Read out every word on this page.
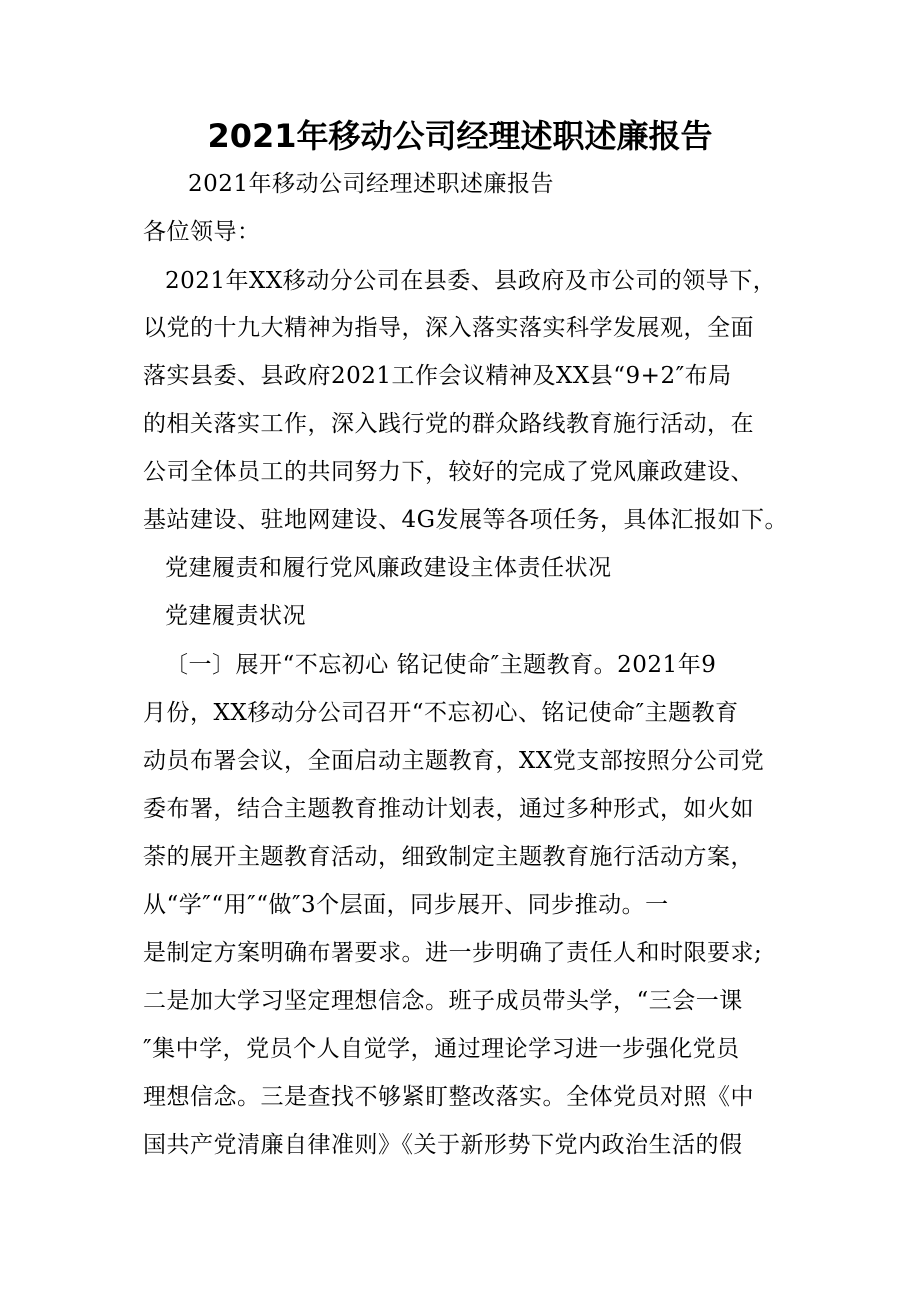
2021年移动公司经理述职述廉报告
2021年移动公司经理述职述廉报告
各位领导：
2021年XX移动分公司在县委、县政府及市公司的领导下，
以党的十九大精神为指导，深入落实落实科学发展观，全面
落实县委、县政府2021工作会议精神及XX县“9+2″布局
的相关落实工作，深入践行党的群众路线教育施行活动，在
公司全体员工的共同努力下，较好的完成了党风廉政建设、
基站建设、驻地网建设、4G发展等各项任务，具体汇报如下。
党建履责和履行党风廉政建设主体责任状况
党建履责状况
〔一〕展开“不忘初心 铭记使命″主题教育。2021年9
月份，XX移动分公司召开“不忘初心、铭记使命″主题教育
动员布署会议，全面启动主题教育，XX党支部按照分公司党
委布署，结合主题教育推动计划表，通过多种形式，如火如
荼的展开主题教育活动，细致制定主题教育施行活动方案，
从“学″“用″“做″3个层面，同步展开、同步推动。一
是制定方案明确布署要求。进一步明确了责任人和时限要求;
二是加大学习坚定理想信念。班子成员带头学，“三会一课
″集中学，党员个人自觉学，通过理论学习进一步强化党员
理想信念。三是查找不够紧盯整改落实。全体党员对照《中
国共产党清廉自律准则》《关于新形势下党内政治生活的假
